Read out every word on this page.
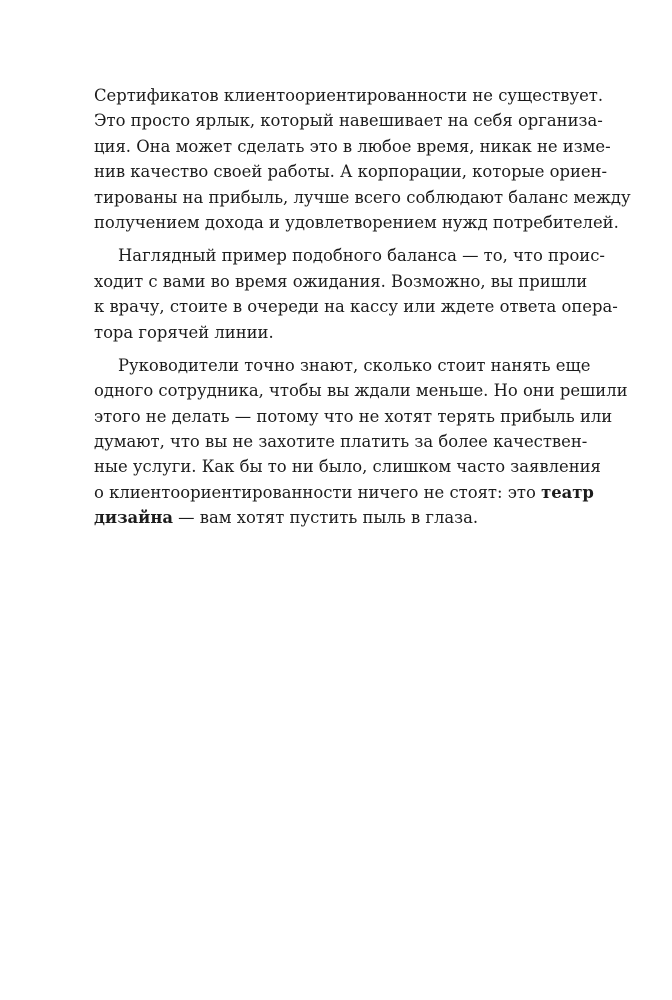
Сертификатов клиентоориентированности не существует.
Это просто ярлык, который навешивает на себя организа-
ция. Она может сделать это в любое время, никак не изме-
нив качество своей работы. А корпорации, которые ориен-
тированы на прибыль, лучше всего соблюдают баланс между
получением дохода и удовлетворением нужд потребителей.
Наглядный пример подобного баланса — то, что проис-
ходит с вами во время ожидания. Возможно, вы пришли
к врачу, стоите в очереди на кассу или ждете ответа опера-
тора горячей линии.
Руководители точно знают, сколько стоит нанять еще
одного сотрудника, чтобы вы ждали меньше. Но они решили
этого не делать — потому что не хотят терять прибыль или
думают, что вы не захотите платить за более качествен-
ные услуги. Как бы то ни было, слишком часто заявления
о клиентоориентированности ничего не стоят: это театр
дизайна — вам хотят пустить пыль в глаза.
